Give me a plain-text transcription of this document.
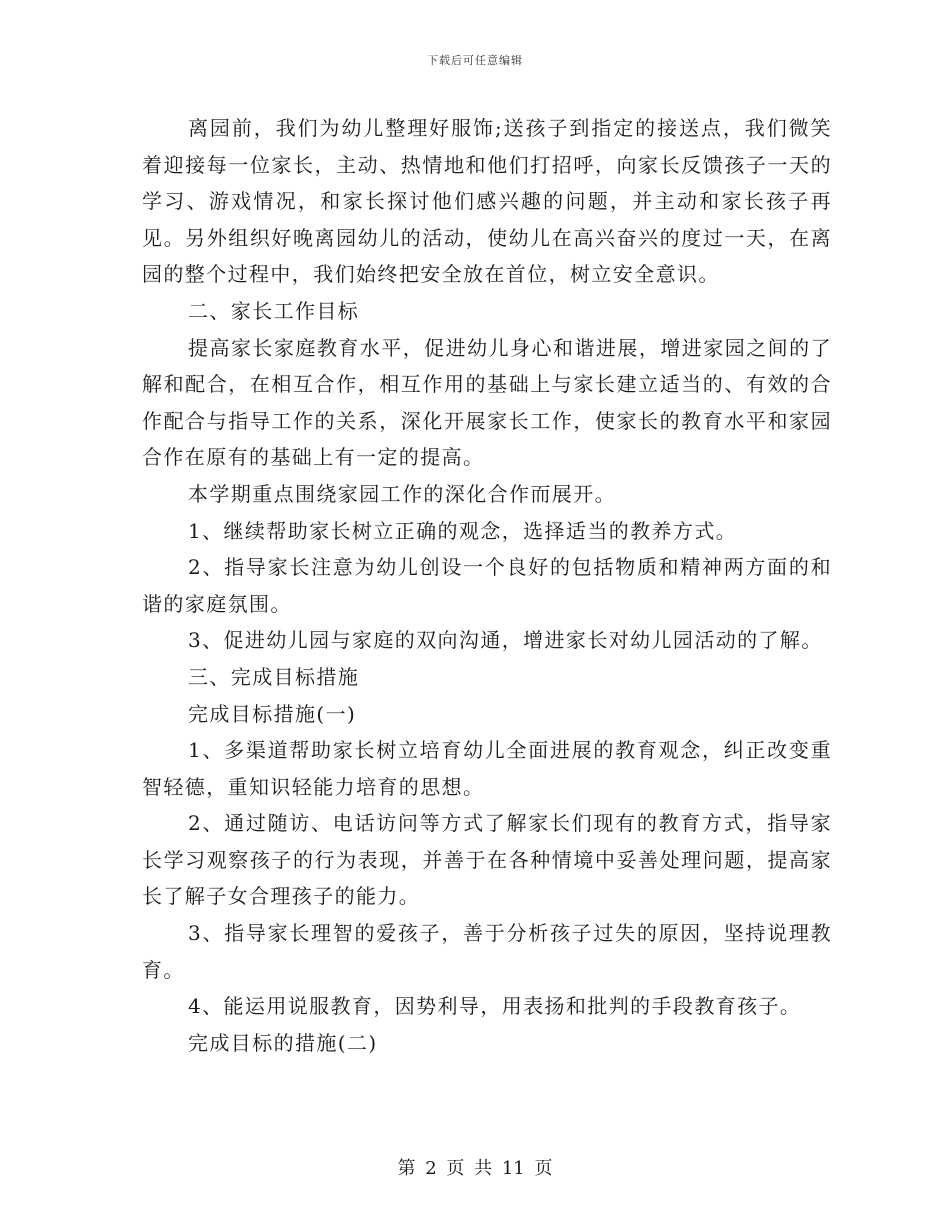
下载后可任意编辑

离园前，我们为幼儿整理好服饰;送孩子到指定的接送点，我们微笑着迎接每一位家长，主动、热情地和他们打招呼，向家长反馈孩子一天的学习、游戏情况，和家长探讨他们感兴趣的问题，并主动和家长孩子再见。另外组织好晚离园幼儿的活动，使幼儿在高兴奋兴的度过一天，在离园的整个过程中，我们始终把安全放在首位，树立安全意识。

二、家长工作目标

提高家长家庭教育水平，促进幼儿身心和谐进展，增进家园之间的了解和配合，在相互合作，相互作用的基础上与家长建立适当的、有效的合作配合与指导工作的关系，深化开展家长工作，使家长的教育水平和家园合作在原有的基础上有一定的提高。

本学期重点围绕家园工作的深化合作而展开。

1、继续帮助家长树立正确的观念，选择适当的教养方式。

2、指导家长注意为幼儿创设一个良好的包括物质和精神两方面的和谐的家庭氛围。

3、促进幼儿园与家庭的双向沟通，增进家长对幼儿园活动的了解。

三、完成目标措施

完成目标措施(一)

1、多渠道帮助家长树立培育幼儿全面进展的教育观念，纠正改变重智轻德，重知识轻能力培育的思想。

2、通过随访、电话访问等方式了解家长们现有的教育方式，指导家长学习观察孩子的行为表现，并善于在各种情境中妥善处理问题，提高家长了解子女合理孩子的能力。

3、指导家长理智的爱孩子，善于分析孩子过失的原因，坚持说理教育。

4、能运用说服教育，因势利导，用表扬和批判的手段教育孩子。

完成目标的措施(二)

第 2 页 共 11 页
